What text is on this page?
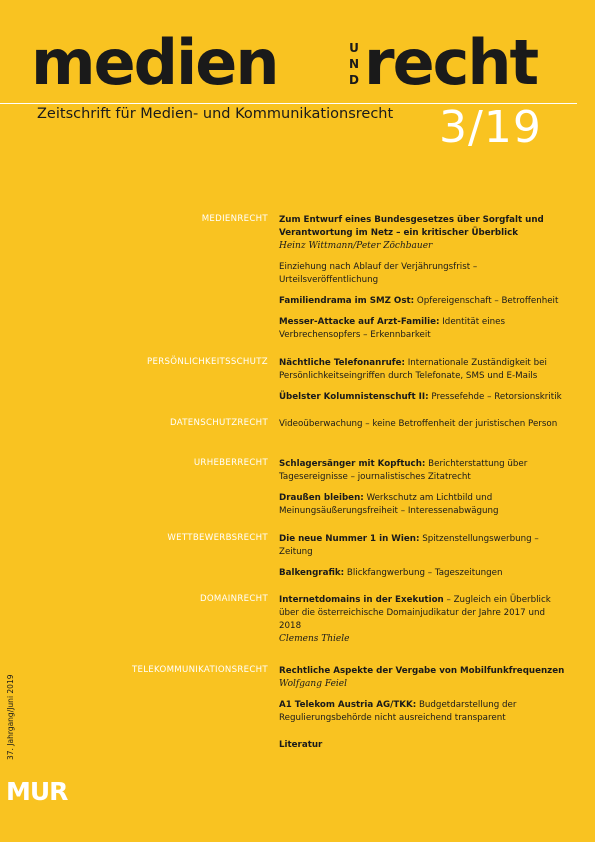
medien	UND recht
Zeitschrift für Medien- und Kommunikationsrecht 3/19
MEDIENRECHT Zum Entwurf eines Bundesgesetzes über Sorgfalt und Verantwortung im Netz – ein kritischer Überblick
Heinz Wittmann/Peter Zöchbauer
Einziehung nach Ablauf der Verjährungsfrist – Urteilsveröffentlichung
Familiendrama im SMZ Ost: Opfereigenschaft – Betroffenheit
Messer-Attacke auf Arzt-Familie: Identität eines Verbrechensopfers – Erkennbarkeit
PERSÖNLICHKEITSSCHUTZ Nächtliche Telefonanrufe: Internationale Zuständigkeit bei Persönlichkeitseingriffen durch Telefonate, SMS und E-Mails
Übelster Kolumnistenschuft II: Pressefehde – Retorsionskritik
DATENSCHUTZRECHT Videoüberwachung – keine Betroffenheit der juristischen Person
URHEBERRECHT Schlagersänger mit Kopftuch: Berichterstattung über Tagesereignisse – journalistisches Zitatrecht
Draußen bleiben: Werkschutz am Lichtbild und Meinungsäußerungsfreiheit – Interessenabwägung
WETTBEWERBSRECHT Die neue Nummer 1 in Wien: Spitzenstellungswerbung – Zeitung
Balkengrafik: Blickfangwerbung – Tageszeitungen
DOMAINRECHT Internetdomains in der Exekution – Zugleich ein Überblick über die österreichische Domainjudikatur der Jahre 2017 und 2018
Clemens Thiele
TELEKOMMUNIKATIONSRECHT Rechtliche Aspekte der Vergabe von Mobilfunkfrequenzen
Wolfgang Feiel
A1 Telekom Austria AG/TKK: Budgetdarstellung der Regulierungsbehörde nicht ausreichend transparent
Literatur
37. Jahrgang/Juni 2019
MUR
